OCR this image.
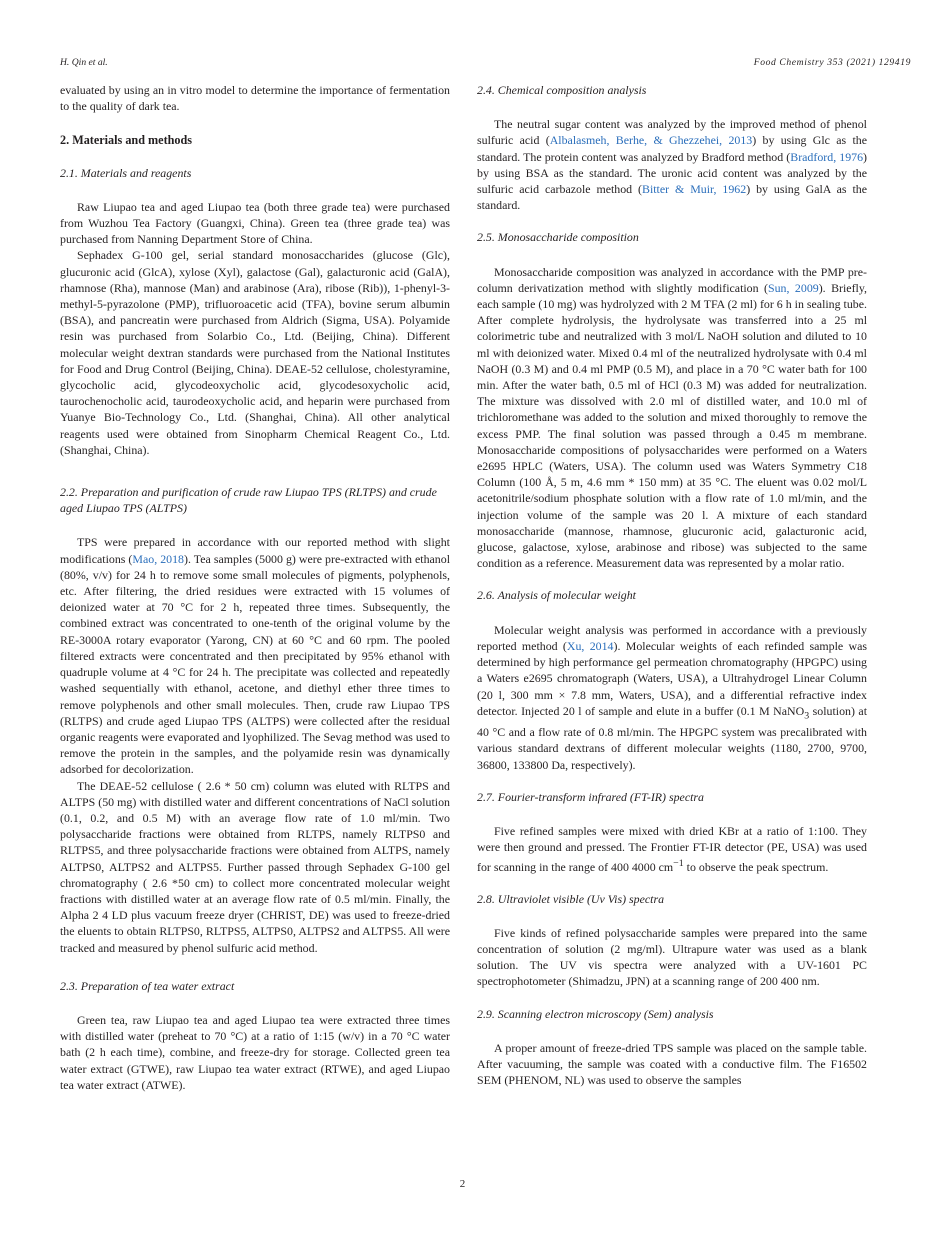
H. Qin et al.	Food Chemistry 353 (2021) 129419

evaluated by using an in vitro model to determine the importance of fermentation to the quality of dark tea.

2. Materials and methods
2.1. Materials and reagents

Raw Liupao tea and aged Liupao tea (both three grade tea) were purchased from Wuzhou Tea Factory (Guangxi, China). Green tea (three grade tea) was purchased from Nanning Department Store of China.

Sephadex G-100 gel, serial standard monosaccharides (glucose (Glc), glucuronic acid (GlcA), xylose (Xyl), galactose (Gal), galacturonic acid (GalA), rhamnose (Rha), mannose (Man) and arabinose (Ara), ribose (Rib)), 1-phenyl-3-methyl-5-pyrazolone (PMP), trifluoroacetic acid (TFA), bovine serum albumin (BSA), and pancreatin were purchased from Aldrich (Sigma, USA). Polyamide resin was purchased from Solarbio Co., Ltd. (Beijing, China). Different molecular weight dextran standards were purchased from the National Institutes for Food and Drug Control (Beijing, China). DEAE-52 cellulose, cholestyramine, glycocholic acid, glycodeoxycholic acid, glycodesoxycholic acid, taurochenocholic acid, taurodeoxycholic acid, and heparin were purchased from Yuanye Bio-Technology Co., Ltd. (Shanghai, China). All other analytical reagents used were obtained from Sinopharm Chemical Reagent Co., Ltd. (Shanghai, China).

2.2. Preparation and purification of crude raw Liupao TPS (RLTPS) and crude aged Liupao TPS (ALTPS)

TPS were prepared in accordance with our reported method with slight modifications (Mao, 2018). Tea samples (5000 g) were pre-extracted with ethanol (80%, v/v) for 24 h to remove some small molecules of pigments, polyphenols, etc. After filtering, the dried residues were extracted with 15 volumes of deionized water at 70 °C for 2 h, repeated three times. Subsequently, the combined extract was concentrated to one-tenth of the original volume by the RE-3000A rotary evaporator (Yarong, CN) at 60 °C and 60 rpm. The pooled filtered extracts were concentrated and then precipitated by 95% ethanol with quadruple volume at 4 °C for 24 h. The precipitate was collected and repeatedly washed sequentially with ethanol, acetone, and diethyl ether three times to remove polyphenols and other small molecules. Then, crude raw Liupao TPS (RLTPS) and crude aged Liupao TPS (ALTPS) were collected after the residual organic reagents were evaporated and lyophilized. The Sevag method was used to remove the protein in the samples, and the polyamide resin was dynamically adsorbed for decolorization.

The DEAE-52 cellulose ( 2.6 * 50 cm) column was eluted with RLTPS and ALTPS (50 mg) with distilled water and different concentrations of NaCl solution (0.1, 0.2, and 0.5 M) with an average flow rate of 1.0 ml/min. Two polysaccharide fractions were obtained from RLTPS, namely RLTPS0 and RLTPS5, and three polysaccharide fractions were obtained from ALTPS, namely ALTPS0, ALTPS2 and ALTPS5. Further passed through Sephadex G-100 gel chromatography ( 2.6 *50 cm) to collect more concentrated molecular weight fractions with distilled water at an average flow rate of 0.5 ml/min. Finally, the Alpha 2 4 LD plus vacuum freeze dryer (CHRIST, DE) was used to freeze-dried the eluents to obtain RLTPS0, RLTPS5, ALTPS0, ALTPS2 and ALTPS5. All were tracked and measured by phenol sulfuric acid method.

2.3. Preparation of tea water extract

Green tea, raw Liupao tea and aged Liupao tea were extracted three times with distilled water (preheat to 70 °C) at a ratio of 1:15 (w/v) in a 70 °C water bath (2 h each time), combine, and freeze-dry for storage. Collected green tea water extract (GTWE), raw Liupao tea water extract (RTWE), and aged Liupao tea water extract (ATWE).

2.4. Chemical composition analysis

The neutral sugar content was analyzed by the improved method of phenol sulfuric acid (Albalasmeh, Berhe, & Ghezzehei, 2013) by using Glc as the standard. The protein content was analyzed by Bradford method (Bradford, 1976) by using BSA as the standard. The uronic acid content was analyzed by the sulfuric acid carbazole method (Bitter & Muir, 1962) by using GalA as the standard.

2.5. Monosaccharide composition

Monosaccharide composition was analyzed in accordance with the PMP pre-column derivatization method with slightly modification (Sun, 2009). Briefly, each sample (10 mg) was hydrolyzed with 2 M TFA (2 ml) for 6 h in sealing tube. After complete hydrolysis, the hydrolysate was transferred into a 25 ml colorimetric tube and neutralized with 3 mol/L NaOH solution and diluted to 10 ml with deionized water. Mixed 0.4 ml of the neutralized hydrolysate with 0.4 ml NaOH (0.3 M) and 0.4 ml PMP (0.5 M), and place in a 70 °C water bath for 100 min. After the water bath, 0.5 ml of HCl (0.3 M) was added for neutralization. The mixture was dissolved with 2.0 ml of distilled water, and 10.0 ml of trichloromethane was added to the solution and mixed thoroughly to remove the excess PMP. The final solution was passed through a 0.45 m membrane. Monosaccharide compositions of polysaccharides were performed on a Waters e2695 HPLC (Waters, USA). The column used was Waters Symmetry C18 Column (100 Å, 5 m, 4.6 mm * 150 mm) at 35 °C. The eluent was 0.02 mol/L acetonitrile/sodium phosphate solution with a flow rate of 1.0 ml/min, and the injection volume of the sample was 20 l. A mixture of each standard monosaccharide (mannose, rhamnose, glucuronic acid, galacturonic acid, glucose, galactose, xylose, arabinose and ribose) was subjected to the same condition as a reference. Measurement data was represented by a molar ratio.

2.6. Analysis of molecular weight

Molecular weight analysis was performed in accordance with a previously reported method (Xu, 2014). Molecular weights of each refinded sample was determined by high performance gel permeation chromatography (HPGPC) using a Waters e2695 chromatograph (Waters, USA), a Ultrahydrogel Linear Column (20 l, 300 mm × 7.8 mm, Waters, USA), and a differential refractive index detector. Injected 20 l of sample and elute in a buffer (0.1 M NaNO$_3$ solution) at 40 °C and a flow rate of 0.8 ml/min. The HPGPC system was precalibrated with various standard dextrans of different molecular weights (1180, 2700, 9700, 36800, 133800 Da, respectively).

2.7. Fourier-transform infrared (FT-IR) spectra

Five refined samples were mixed with dried KBr at a ratio of 1:100. They were then ground and pressed. The Frontier FT-IR detector (PE, USA) was used for scanning in the range of 400 4000 $cm^{-1}$ to observe the peak spectrum.

2.8. Ultraviolet visible (Uv Vis) spectra

Five kinds of refined polysaccharide samples were prepared into the same concentration of solution (2 mg/ml). Ultrapure water was used as a blank solution. The UV vis spectra were analyzed with a UV-1601 PC spectrophotometer (Shimadzu, JPN) at a scanning range of 200 400 nm.

2.9. Scanning electron microscopy (Sem) analysis

A proper amount of freeze-dried TPS sample was placed on the sample table. After vacuuming, the sample was coated with a conductive film. The F16502 SEM (PHENOM, NL) was used to observe the samples

2
